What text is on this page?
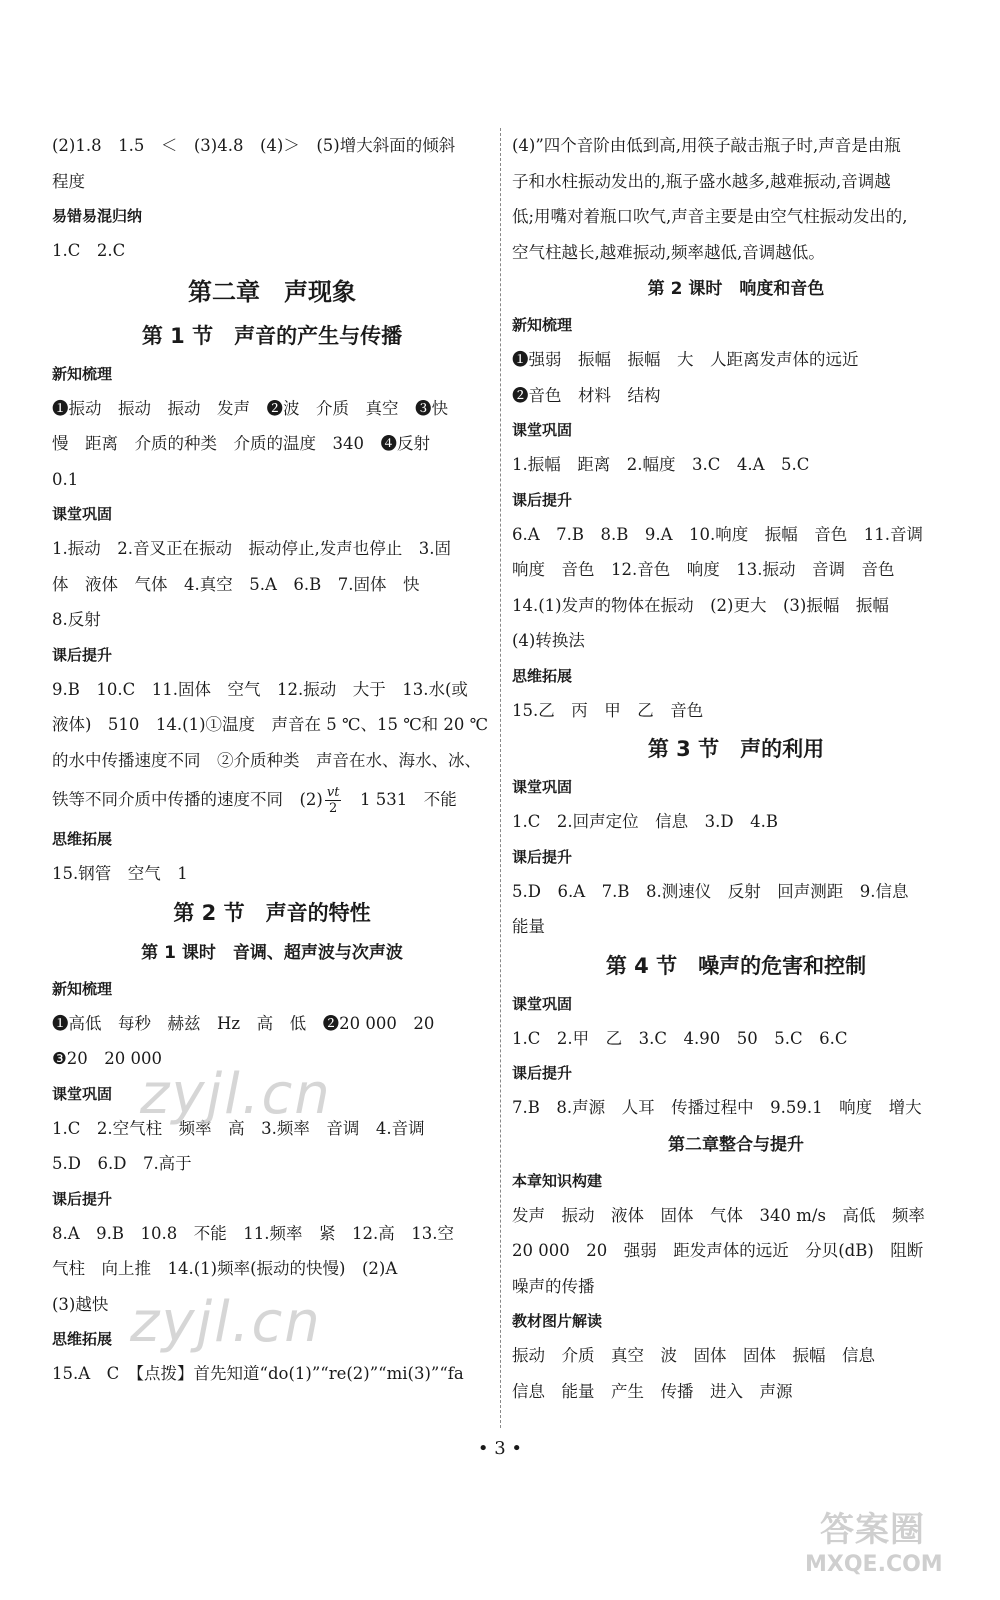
(2)1.8　1.5　＜　(3)4.8　(4)＞　(5)增大斜面的倾斜
程度
易错易混归纳
1.C　2.C
第二章　声现象
第 1 节　声音的产生与传播
新知梳理
❶振动　振动　振动　发声　❷波　介质　真空　❸快
慢　距离　介质的种类　介质的温度　340　❹反射
0.1
课堂巩固
1.振动　2.音叉正在振动　振动停止,发声也停止　3.固
体　液体　气体　4.真空　5.A　6.B　7.固体　快
8.反射
课后提升
9.B　10.C　11.固体　空气　12.振动　大于　13.水(或
液体)　510　14.(1)①温度　声音在 5 ℃、15 ℃和 20 ℃
的水中传播速度不同　②介质种类　声音在水、海水、冰、
铁等不同介质中传播的速度不同　$(2) \frac{vt}{2}$ 　1 531　不能
思维拓展
15.钢管　空气　1
第 2 节　声音的特性
第 1 课时　音调、超声波与次声波
新知梳理
❶高低　每秒　赫兹　Hz　高　低　❷20 000　20
❸20　20 000
课堂巩固
1.C　2.空气柱　频率　高　3.频率　音调　4.音调
5.D　6.D　7.高于
课后提升
8.A　9.B　10.8　不能　11.频率　紧　12.高　13.空
气柱　向上推　14.(1)频率(振动的快慢)　(2)A
(3)越快
思维拓展
15.A　C　【点拨】首先知道“do(1)”“re(2)”“mi(3)”“fa
(4)”四个音阶由低到高,用筷子敲击瓶子时,声音是由瓶
子和水柱振动发出的,瓶子盛水越多,越难振动,音调越
低;用嘴对着瓶口吹气,声音主要是由空气柱振动发出的,
空气柱越长,越难振动,频率越低,音调越低。
第 2 课时　响度和音色
新知梳理
❶强弱　振幅　振幅　大　人距离发声体的远近
❷音色　材料　结构
课堂巩固
1.振幅　距离　2.幅度　3.C　4.A　5.C
课后提升
6.A　7.B　8.B　9.A　10.响度　振幅　音色　11.音调
响度　音色　12.音色　响度　13.振动　音调　音色
14.(1)发声的物体在振动　(2)更大　(3)振幅　振幅
(4)转换法
思维拓展
15.乙　丙　甲　乙　音色
第 3 节　声的利用
课堂巩固
1.C　2.回声定位　信息　3.D　4.B
课后提升
5.D　6.A　7.B　8.测速仪　反射　回声测距　9.信息
能量
第 4 节　噪声的危害和控制
课堂巩固
1.C　2.甲　乙　3.C　4.90　50　5.C　6.C
课后提升
7.B　8.声源　人耳　传播过程中　9.59.1　响度　增大
第二章整合与提升
本章知识构建
发声　振动　液体　固体　气体　340 m/s　高低　频率
20 000　20　强弱　距发声体的远近　分贝(dB)　阻断
噪声的传播
教材图片解读
振动　介质　真空　波　固体　固体　振幅　信息
信息　能量　产生　传播　进入　声源
• 3 •
zyjl.cn
zyjl.cn
答案圈
MXQE.COM
